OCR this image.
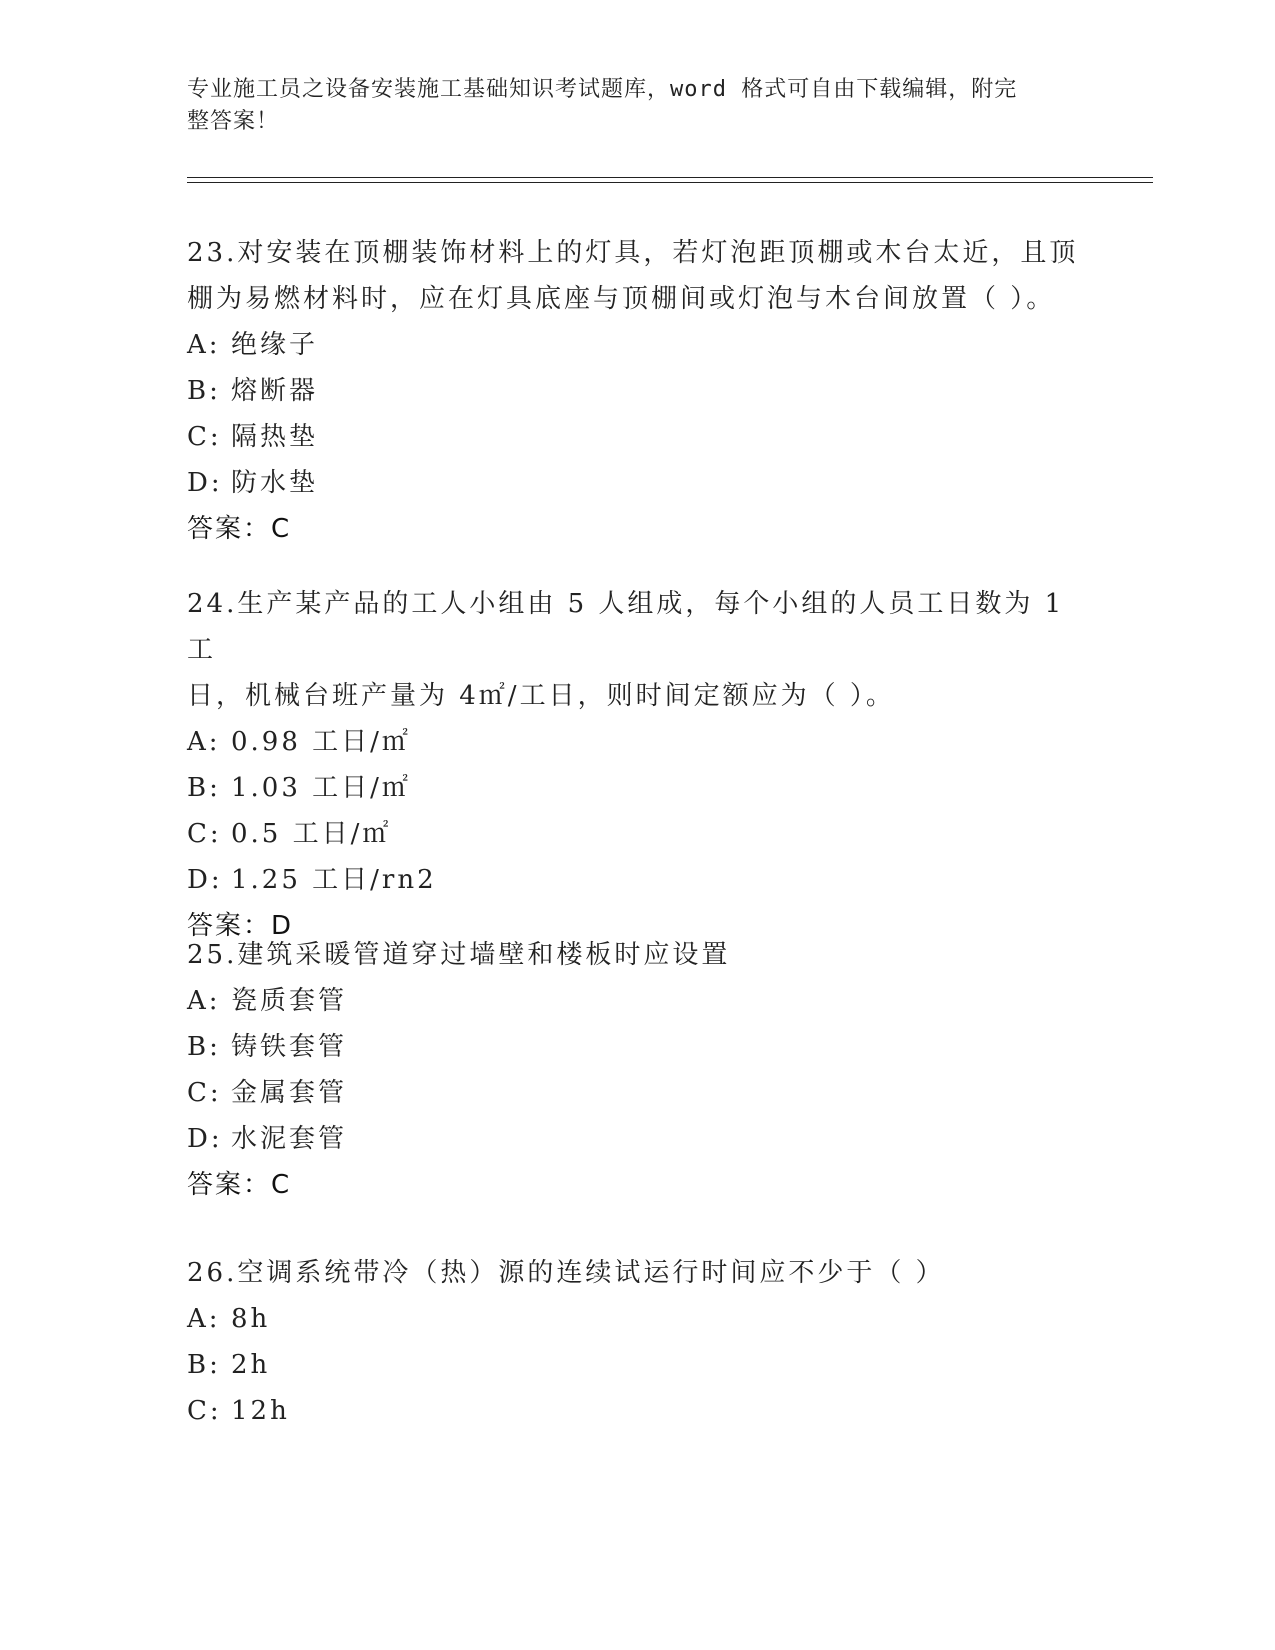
专业施工员之设备安装施工基础知识考试题库，word 格式可自由下载编辑，附完
整答案！
23.对安装在顶棚装饰材料上的灯具，若灯泡距顶棚或木台太近，且顶
棚为易燃材料时，应在灯具底座与顶棚间或灯泡与木台间放置（ ）。
A: 绝缘子
B: 熔断器
C: 隔热垫
D: 防水垫
答案：C
24.生产某产品的工人小组由 5 人组成，每个小组的人员工日数为 1 工
日，机械台班产量为 4㎡/工日，则时间定额应为（ ）。
A: 0.98 工日/㎡
B: 1.03 工日/㎡
C: 0.5 工日/㎡
D: 1.25 工日/rn2
答案：D
25.建筑采暖管道穿过墙壁和楼板时应设置
A: 瓷质套管
B: 铸铁套管
C: 金属套管
D: 水泥套管
答案：C
26.空调系统带冷（热）源的连续试运行时间应不少于（ ）
A: 8h
B: 2h
C: 12h
